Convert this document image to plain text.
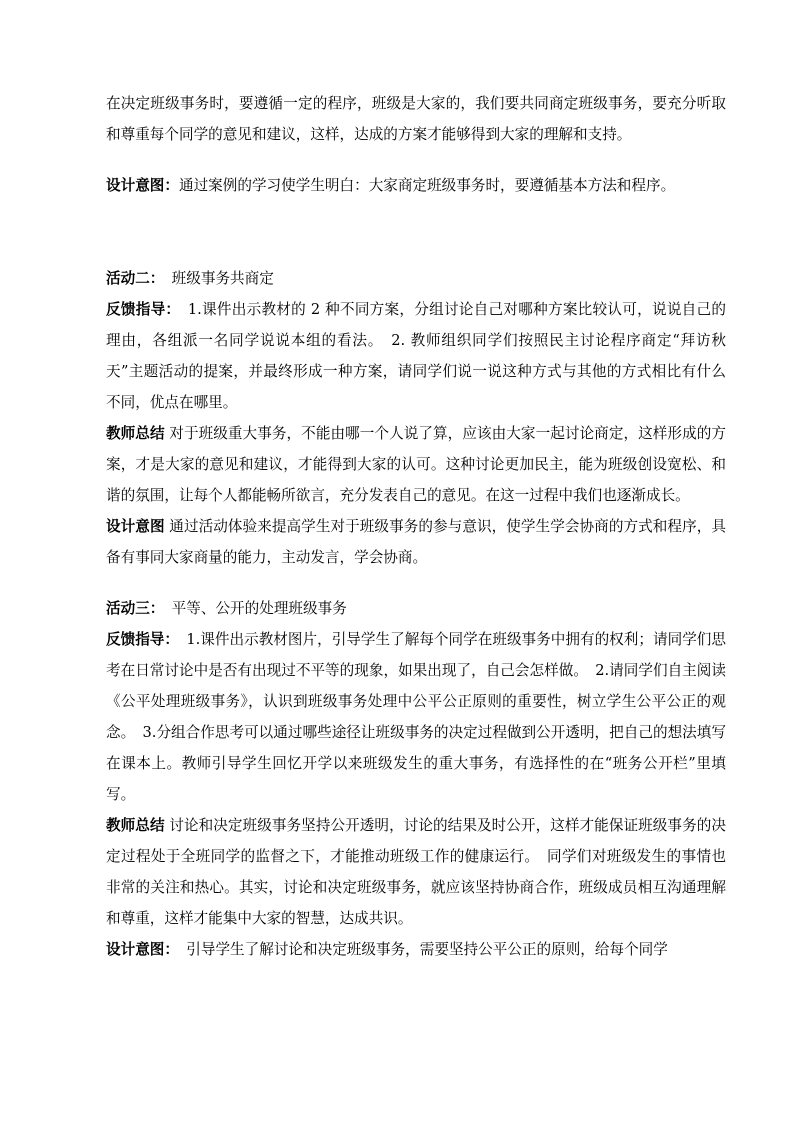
在决定班级事务时，要遵循一定的程序，班级是大家的，我们要共同商定班级事务，要充分听取和尊重每个同学的意见和建议，这样，达成的方案才能够得到大家的理解和支持。

设计意图：通过案例的学习使学生明白：大家商定班级事务时，要遵循基本方法和程序。

活动二：　班级事务共商定

反馈指导：　1.课件出示教材的 2 种不同方案，分组讨论自己对哪种方案比较认可，说说自己的理由，各组派一名同学说说本组的看法。　2. 教师组织同学们按照民主讨论程序商定“拜访秋天”主题活动的提案，并最终形成一种方案，请同学们说一说这种方式与其他的方式相比有什么不同，优点在哪里。

教师总结 对于班级重大事务，不能由哪一个人说了算，应该由大家一起讨论商定，这样形成的方案，才是大家的意见和建议，才能得到大家的认可。这种讨论更加民主，能为班级创设宽松、和谐的氛围，让每个人都能畅所欲言，充分发表自己的意见。在这一过程中我们也逐渐成长。

设计意图 通过活动体验来提高学生对于班级事务的参与意识，使学生学会协商的方式和程序，具备有事同大家商量的能力，主动发言，学会协商。

活动三：　平等、公开的处理班级事务

反馈指导：　1.课件出示教材图片，引导学生了解每个同学在班级事务中拥有的权利；请同学们思考在日常讨论中是否有出现过不平等的现象，如果出现了，自己会怎样做。　2.请同学们自主阅读《公平处理班级事务》，认识到班级事务处理中公平公正原则的重要性，树立学生公平公正的观念。　3.分组合作思考可以通过哪些途径让班级事务的决定过程做到公开透明，把自己的想法填写在课本上。教师引导学生回忆开学以来班级发生的重大事务，有选择性的在“班务公开栏”里填写。

教师总结 讨论和决定班级事务坚持公开透明，讨论的结果及时公开，这样才能保证班级事务的决定过程处于全班同学的监督之下，才能推动班级工作的健康运行。　同学们对班级发生的事情也非常的关注和热心。其实，讨论和决定班级事务，就应该坚持协商合作，班级成员相互沟通理解和尊重，这样才能集中大家的智慧，达成共识。

设计意图：　引导学生了解讨论和决定班级事务，需要坚持公平公正的原则，给每个同学
